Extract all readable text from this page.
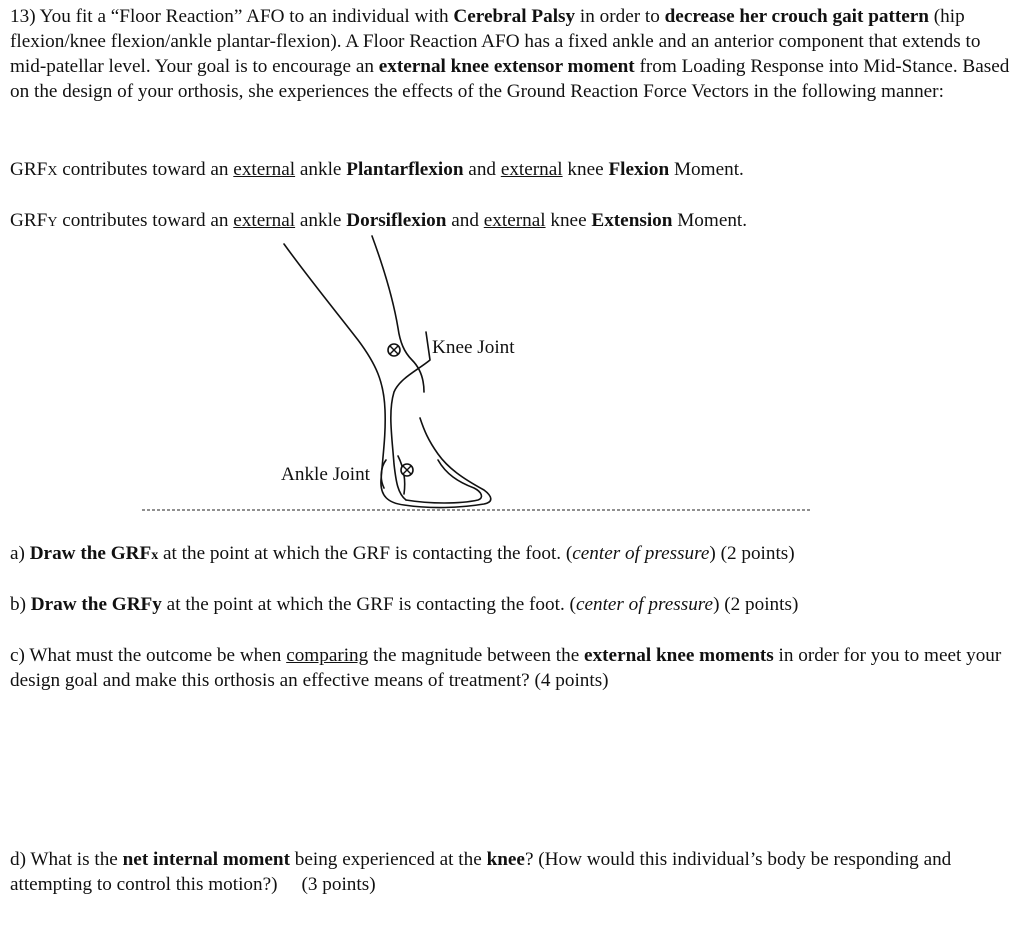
13) You fit a “Floor Reaction” AFO to an individual with Cerebral Palsy in order to decrease her crouch gait pattern (hip flexion/knee flexion/ankle plantar-flexion). A Floor Reaction AFO has a fixed ankle and an anterior component that extends to mid-patellar level. Your goal is to encourage an external knee extensor moment from Loading Response into Mid-Stance. Based on the design of your orthosis, she experiences the effects of the Ground Reaction Force Vectors in the following manner:

GRFX contributes toward an external ankle Plantarflexion and external knee Flexion Moment.

GRFY contributes toward an external ankle Dorsiflexion and external knee Extension Moment.

Knee Joint
Ankle Joint

a) Draw the GRFx at the point at which the GRF is contacting the foot. (center of pressure) (2 points)

b) Draw the GRFy at the point at which the GRF is contacting the foot. (center of pressure) (2 points)

c) What must the outcome be when comparing the magnitude between the external knee moments in order for you to meet your design goal and make this orthosis an effective means of treatment? (4 points)

d) What is the net internal moment being experienced at the knee? (How would this individual’s body be responding and attempting to control this motion?)     (3 points)
